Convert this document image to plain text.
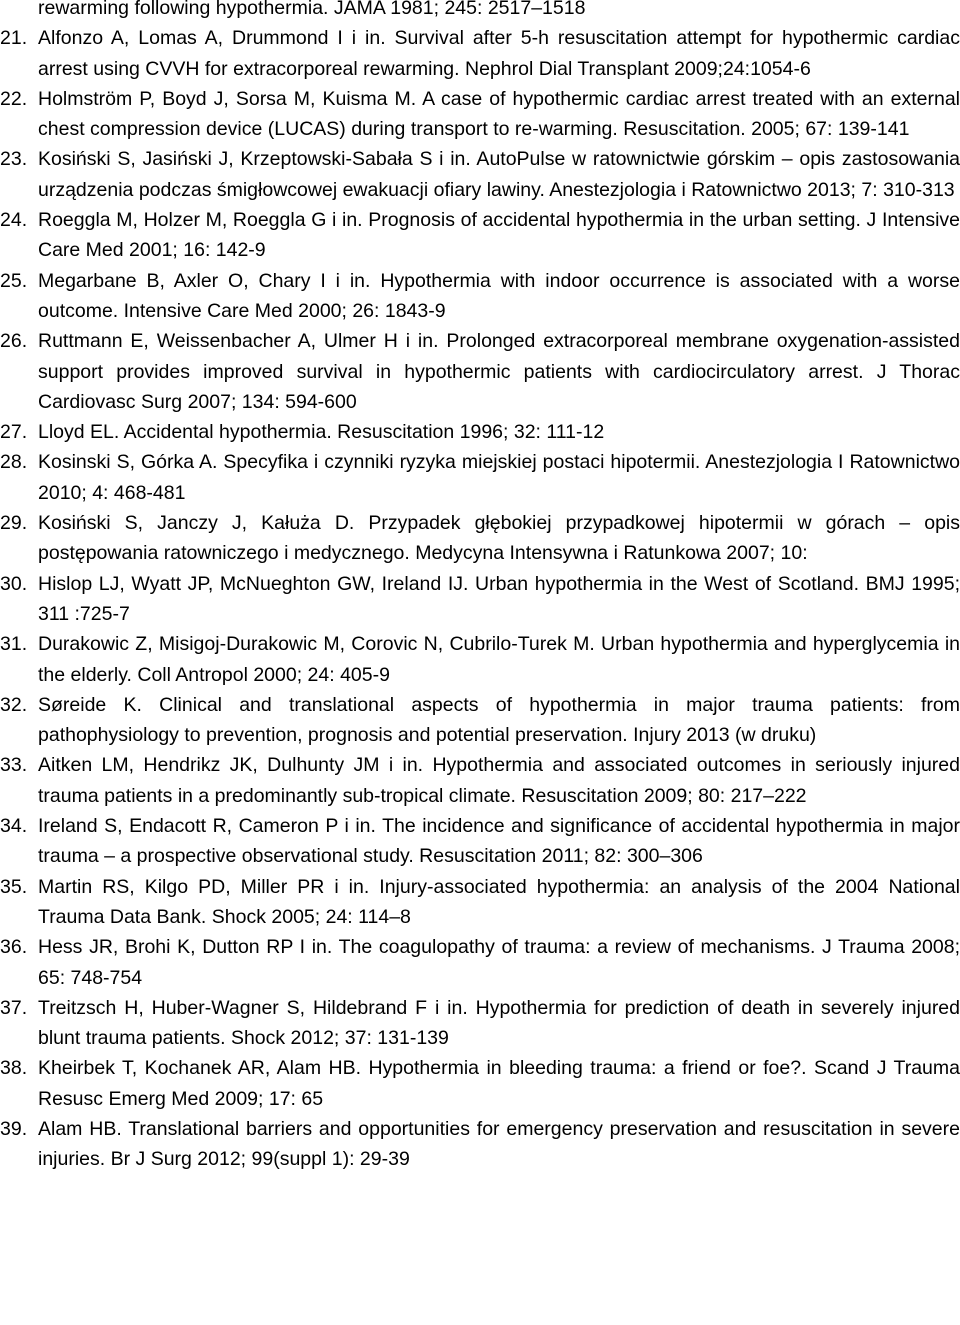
rewarming following hypothermia. JAMA 1981; 245: 2517–1518
21. Alfonzo A, Lomas A, Drummond I i in. Survival after 5-h resuscitation attempt for hypothermic cardiac arrest using CVVH for extracorporeal rewarming. Nephrol Dial Transplant 2009;24:1054-6
22. Holmström P, Boyd J, Sorsa M, Kuisma M. A case of hypothermic cardiac arrest treated with an external chest compression device (LUCAS) during transport to re-warming. Resuscitation. 2005; 67: 139-141
23. Kosiński S, Jasiński J, Krzeptowski-Sabała S i in. AutoPulse w ratownictwie górskim – opis zastosowania urządzenia podczas śmigłowcowej ewakuacji ofiary lawiny. Anestezjologia i Ratownictwo 2013; 7: 310-313
24. Roeggla M, Holzer M, Roeggla G i in. Prognosis of accidental hypothermia in the urban setting. J Intensive Care Med 2001; 16: 142-9
25. Megarbane B, Axler O, Chary I i in. Hypothermia with indoor occurrence is associated with a worse outcome. Intensive Care Med 2000; 26: 1843-9
26. Ruttmann E, Weissenbacher A, Ulmer H i in. Prolonged extracorporeal membrane oxygenation-assisted support provides improved survival in hypothermic patients with cardiocirculatory arrest. J Thorac Cardiovasc Surg 2007; 134: 594-600
27. Lloyd EL. Accidental hypothermia. Resuscitation 1996; 32: 111-12
28. Kosinski S, Górka A. Specyfika i czynniki ryzyka miejskiej postaci hipotermii. Anestezjologia I Ratownictwo 2010; 4: 468-481
29. Kosiński S, Janczy J, Kałuża D. Przypadek głębokiej przypadkowej hipotermii w górach – opis postępowania ratowniczego i medycznego. Medycyna Intensywna i Ratunkowa 2007; 10:
30. Hislop LJ, Wyatt JP, McNueghton GW, Ireland IJ. Urban hypothermia in the West of Scotland. BMJ 1995; 311 :725-7
31. Durakowic Z, Misigoj-Durakowic M, Corovic N, Cubrilo-Turek M. Urban hypothermia and hyperglycemia in the elderly. Coll Antropol 2000; 24: 405-9
32. Søreide K. Clinical and translational aspects of hypothermia in major trauma patients: from pathophysiology to prevention, prognosis and potential preservation. Injury 2013 (w druku)
33. Aitken LM, Hendrikz JK, Dulhunty JM i in. Hypothermia and associated outcomes in seriously injured trauma patients in a predominantly sub-tropical climate. Resuscitation 2009; 80: 217–222
34. Ireland S, Endacott R, Cameron P i in. The incidence and significance of accidental hypothermia in major trauma – a prospective observational study. Resuscitation 2011; 82: 300–306
35. Martin RS, Kilgo PD, Miller PR i in. Injury-associated hypothermia: an analysis of the 2004 National Trauma Data Bank. Shock 2005; 24: 114–8
36. Hess JR, Brohi K, Dutton RP I in. The coagulopathy of trauma: a review of mechanisms. J Trauma 2008; 65: 748-754
37. Treitzsch H, Huber-Wagner S, Hildebrand F i in. Hypothermia for prediction of death in severely injured blunt trauma patients. Shock 2012; 37: 131-139
38. Kheirbek T, Kochanek AR, Alam HB. Hypothermia in bleeding trauma: a friend or foe?. Scand J Trauma Resusc Emerg Med 2009; 17: 65
39. Alam HB. Translational barriers and opportunities for emergency preservation and resuscitation in severe injuries. Br J Surg 2012; 99(suppl 1): 29-39
